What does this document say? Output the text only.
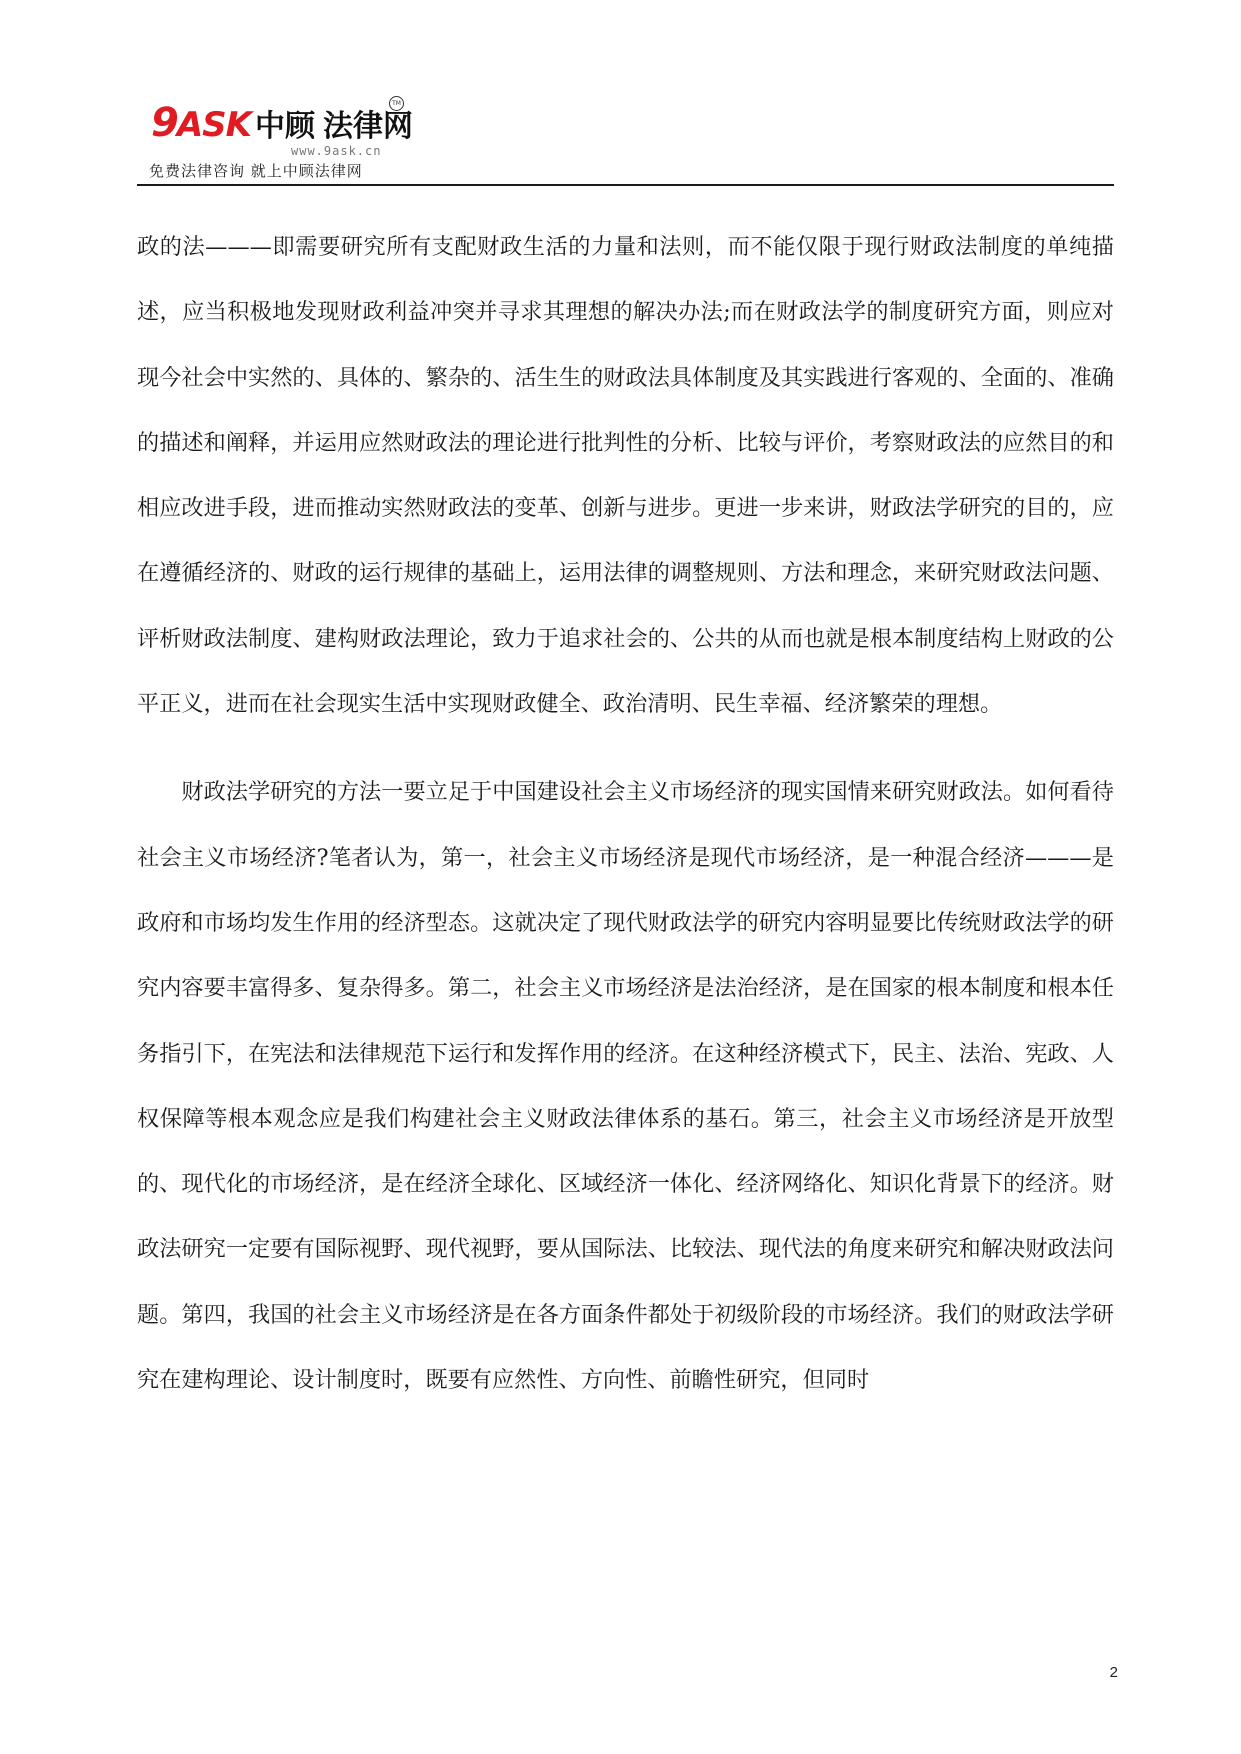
9ASK 中顾 法律网
TM
www.9ask.cn
免费法律咨询 就上中顾法律网

政的法———即需要研究所有支配财政生活的力量和法则，而不能仅限于现行财政法制度的单纯描述，应当积极地发现财政利益冲突并寻求其理想的解决办法;而在财政法学的制度研究方面，则应对现今社会中实然的、具体的、繁杂的、活生生的财政法具体制度及其实践进行客观的、全面的、准确的描述和阐释，并运用应然财政法的理论进行批判性的分析、比较与评价，考察财政法的应然目的和相应改进手段，进而推动实然财政法的变革、创新与进步。更进一步来讲，财政法学研究的目的，应在遵循经济的、财政的运行规律的基础上，运用法律的调整规则、方法和理念，来研究财政法问题、评析财政法制度、建构财政法理论，致力于追求社会的、公共的从而也就是根本制度结构上财政的公平正义，进而在社会现实生活中实现财政健全、政治清明、民生幸福、经济繁荣的理想。

财政法学研究的方法一要立足于中国建设社会主义市场经济的现实国情来研究财政法。如何看待社会主义市场经济?笔者认为，第一，社会主义市场经济是现代市场经济，是一种混合经济———是政府和市场均发生作用的经济型态。这就决定了现代财政法学的研究内容明显要比传统财政法学的研究内容要丰富得多、复杂得多。第二，社会主义市场经济是法治经济，是在国家的根本制度和根本任务指引下，在宪法和法律规范下运行和发挥作用的经济。在这种经济模式下，民主、法治、宪政、人权保障等根本观念应是我们构建社会主义财政法律体系的基石。第三，社会主义市场经济是开放型的、现代化的市场经济，是在经济全球化、区域经济一体化、经济网络化、知识化背景下的经济。财政法研究一定要有国际视野、现代视野，要从国际法、比较法、现代法的角度来研究和解决财政法问题。第四，我国的社会主义市场经济是在各方面条件都处于初级阶段的市场经济。我们的财政法学研究在建构理论、设计制度时，既要有应然性、方向性、前瞻性研究，但同时

2
